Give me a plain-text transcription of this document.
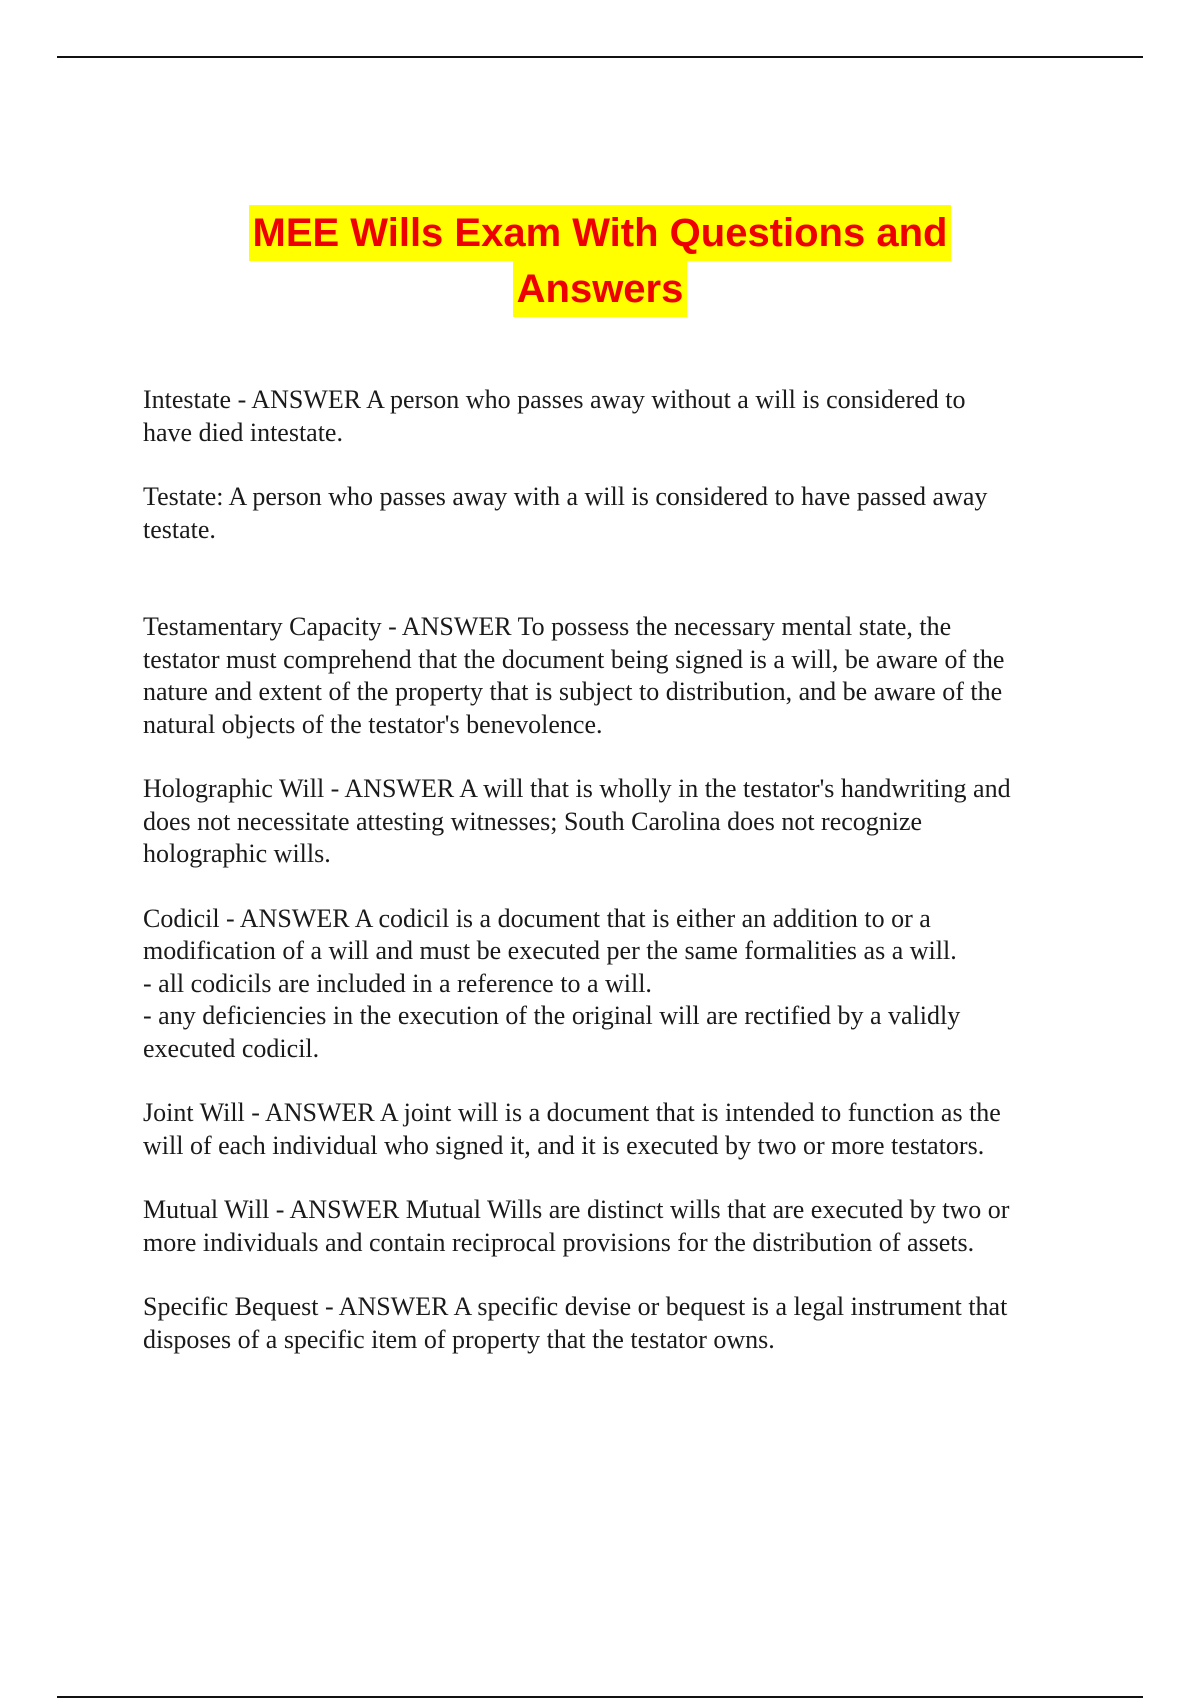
MEE Wills Exam With Questions and
Answers

Intestate - ANSWER A person who passes away without a will is considered to
have died intestate.

Testate: A person who passes away with a will is considered to have passed away
testate.

Testamentary Capacity - ANSWER To possess the necessary mental state, the
testator must comprehend that the document being signed is a will, be aware of the
nature and extent of the property that is subject to distribution, and be aware of the
natural objects of the testator's benevolence.

Holographic Will - ANSWER A will that is wholly in the testator's handwriting and
does not necessitate attesting witnesses; South Carolina does not recognize
holographic wills.

Codicil - ANSWER A codicil is a document that is either an addition to or a
modification of a will and must be executed per the same formalities as a will.
- all codicils are included in a reference to a will.
- any deficiencies in the execution of the original will are rectified by a validly
executed codicil.

Joint Will - ANSWER A joint will is a document that is intended to function as the
will of each individual who signed it, and it is executed by two or more testators.

Mutual Will - ANSWER Mutual Wills are distinct wills that are executed by two or
more individuals and contain reciprocal provisions for the distribution of assets.

Specific Bequest - ANSWER A specific devise or bequest is a legal instrument that
disposes of a specific item of property that the testator owns.
